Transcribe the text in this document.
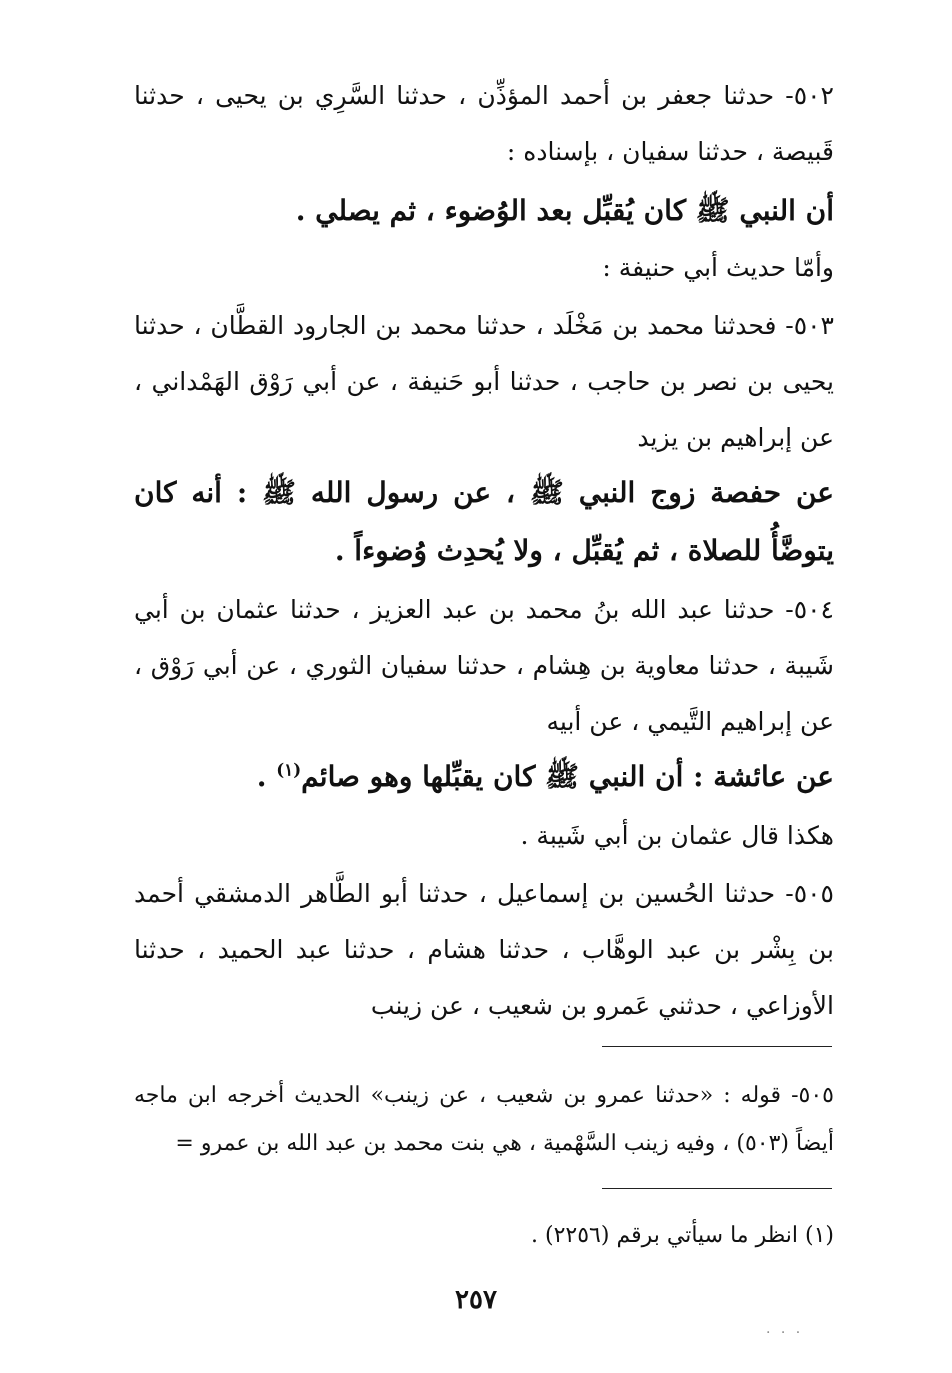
٥٠٢- حدثنا جعفر بن أحمد المؤذِّن ، حدثنا السَّرِي بن يحيى ، حدثنا قَبيصة ، حدثنا سفيان ، بإسناده :

أن النبي ﷺ كان يُقبِّل بعد الوُضوء ، ثم يصلي .

وأمّا حديث أبي حنيفة :

٥٠٣- فحدثنا محمد بن مَخْلَد ، حدثنا محمد بن الجارود القطَّان ، حدثنا يحيى بن نصر بن حاجب ، حدثنا أبو حَنيفة ، عن أبي رَوْق الهَمْداني ، عن إبراهيم بن يزيد

عن حفصة زوج النبي ﷺ ، عن رسول الله ﷺ : أنه كان يتوضَّأُ للصلاة ، ثم يُقبِّل ، ولا يُحدِث وُضوءاً .

٥٠٤- حدثنا عبد الله بنُ محمد بن عبد العزيز ، حدثنا عثمان بن أبي شَيبة ، حدثنا معاوية بن هِشام ، حدثنا سفيان الثوري ، عن أبي رَوْق ، عن إبراهيم التَّيمي ، عن أبيه

عن عائشة : أن النبي ﷺ كان يقبِّلها وهو صائم$^{(١)}$ .

هكذا قال عثمان بن أبي شَيبة .

٥٠٥- حدثنا الحُسين بن إسماعيل ، حدثنا أبو الطَّاهر الدمشقي أحمد بن بِشْر بن عبد الوهَّاب ، حدثنا هشام ، حدثنا عبد الحميد ، حدثنا الأوزاعي ، حدثني عَمرو بن شعيب ، عن زينب

٥٠٥- قوله : «حدثنا عمرو بن شعيب ، عن زينب» الحديث أخرجه ابن ماجه أيضاً (٥٠٣) ، وفيه زينب السَّهْمية ، هي بنت محمد بن عبد الله بن عمرو =

(١) انظر ما سيأتي برقم (٢٢٥٦) .

٢٥٧
· · ·
